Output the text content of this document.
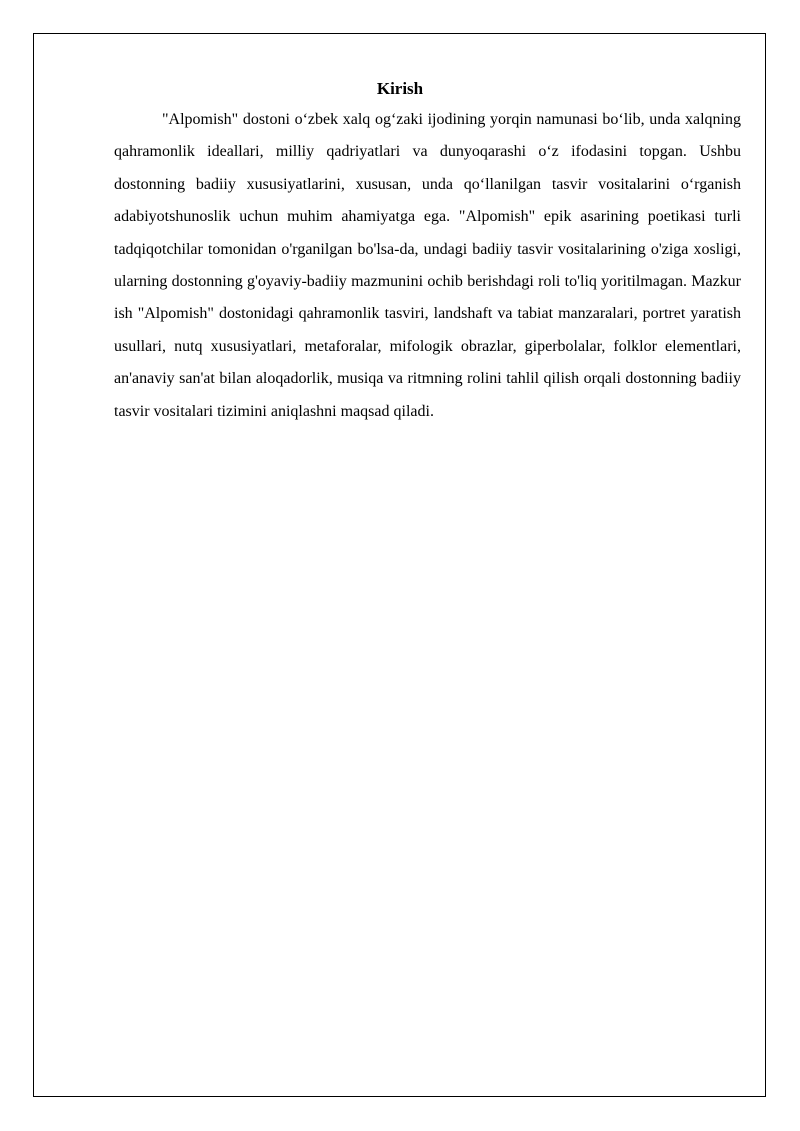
Kirish

"Alpomish" dostoni o‘zbek xalq og‘zaki ijodining yorqin namunasi bo‘lib, unda xalqning qahramonlik ideallari, milliy qadriyatlari va dunyoqarashi o‘z ifodasini topgan. Ushbu dostonning badiiy xususiyatlarini, xususan, unda qo‘llanilgan tasvir vositalarini o‘rganish adabiyotshunoslik uchun muhim ahamiyatga ega. "Alpomish" epik asarining poetikasi turli tadqiqotchilar tomonidan o'rganilgan bo'lsa-da, undagi badiiy tasvir vositalarining o'ziga xosligi, ularning dostonning g'oyaviy-badiiy mazmunini ochib berishdagi roli to'liq yoritilmagan. Mazkur ish "Alpomish" dostonidagi qahramonlik tasviri, landshaft va tabiat manzaralari, portret yaratish usullari, nutq xususiyatlari, metaforalar, mifologik obrazlar, giperbolalar, folklor elementlari, an'anaviy san'at bilan aloqadorlik, musiqa va ritmning rolini tahlil qilish orqali dostonning badiiy tasvir vositalari tizimini aniqlashni maqsad qiladi.
